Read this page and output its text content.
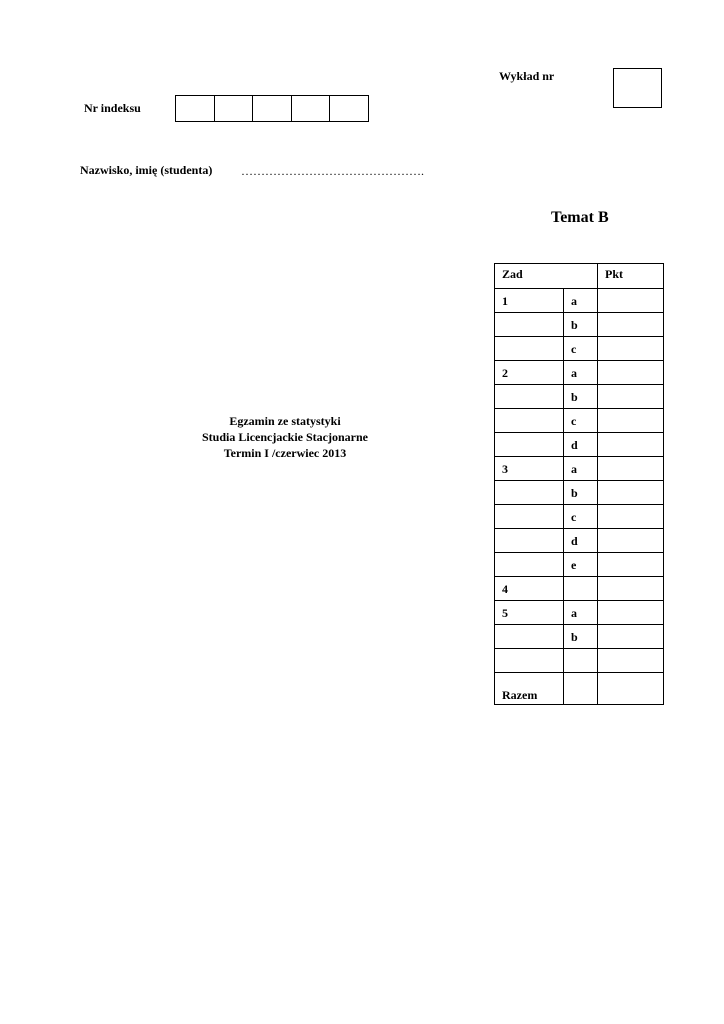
Wykład nr
Nr indeksu
Nazwisko, imię (studenta) ……………………………………….
Temat B
Egzamin ze statystyki
Studia Licencjackie Stacjonarne
Termin I /czerwiec 2013
Zad		Pkt
1	a	
	b	
	c	
2	a	
	b	
	c	
	d	
3	a	
	b	
	c	
	d	
	e	
4		
5	a	
	b	

Razem		
